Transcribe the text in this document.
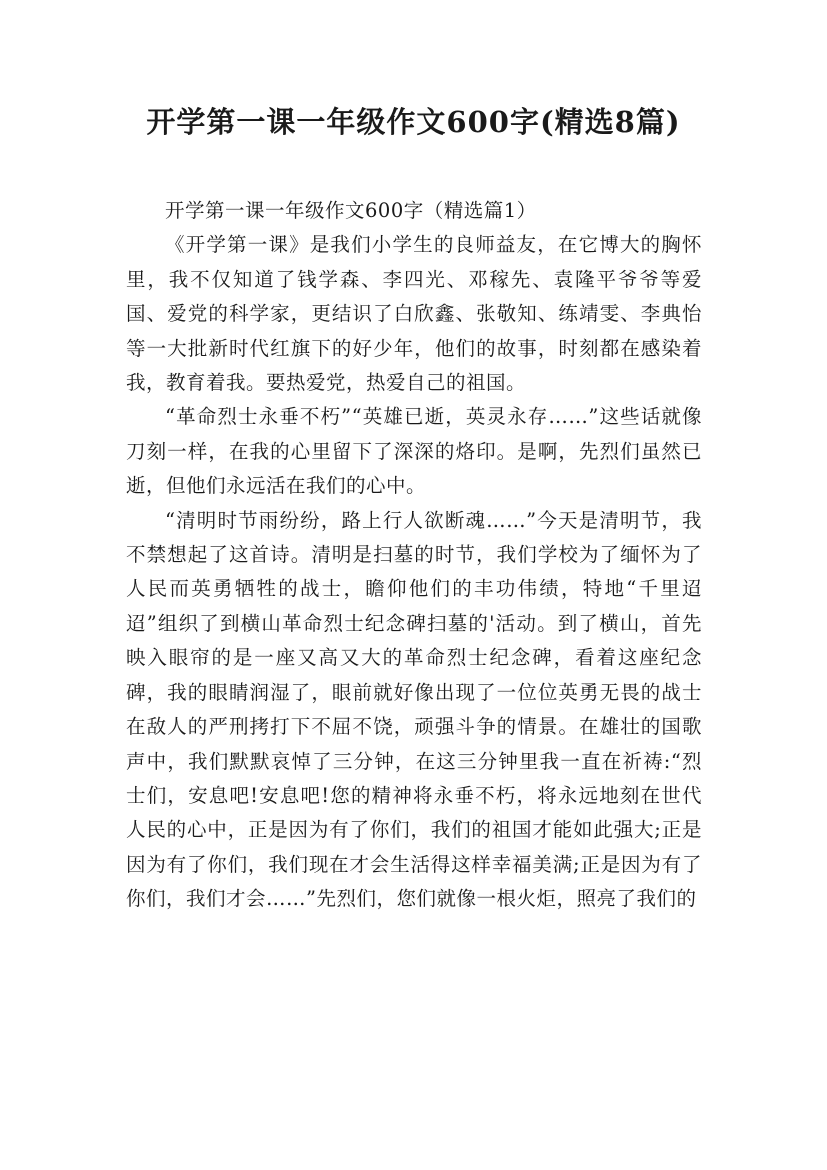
开学第一课一年级作文600字(精选8篇)

开学第一课一年级作文600字（精选篇1）

《开学第一课》是我们小学生的良师益友，在它博大的胸怀里，我不仅知道了钱学森、李四光、邓稼先、袁隆平爷爷等爱国、爱党的科学家，更结识了白欣鑫、张敬知、练靖雯、李典怡等一大批新时代红旗下的好少年，他们的故事，时刻都在感染着我，教育着我。要热爱党，热爱自己的祖国。

“革命烈士永垂不朽”“英雄已逝，英灵永存……”这些话就像刀刻一样，在我的心里留下了深深的烙印。是啊，先烈们虽然已逝，但他们永远活在我们的心中。

“清明时节雨纷纷，路上行人欲断魂……”今天是清明节，我不禁想起了这首诗。清明是扫墓的时节，我们学校为了缅怀为了人民而英勇牺牲的战士，瞻仰他们的丰功伟绩，特地“千里迢迢”组织了到横山革命烈士纪念碑扫墓的'活动。到了横山，首先映入眼帘的是一座又高又大的革命烈士纪念碑，看着这座纪念碑，我的眼睛润湿了，眼前就好像出现了一位位英勇无畏的战士在敌人的严刑拷打下不屈不饶，顽强斗争的情景。在雄壮的国歌声中，我们默默哀悼了三分钟，在这三分钟里我一直在祈祷:“烈士们，安息吧!安息吧!您的精神将永垂不朽，将永远地刻在世代人民的心中，正是因为有了你们，我们的祖国才能如此强大;正是因为有了你们，我们现在才会生活得这样幸福美满;正是因为有了你们，我们才会……”先烈们，您们就像一根火炬，照亮了我们的
